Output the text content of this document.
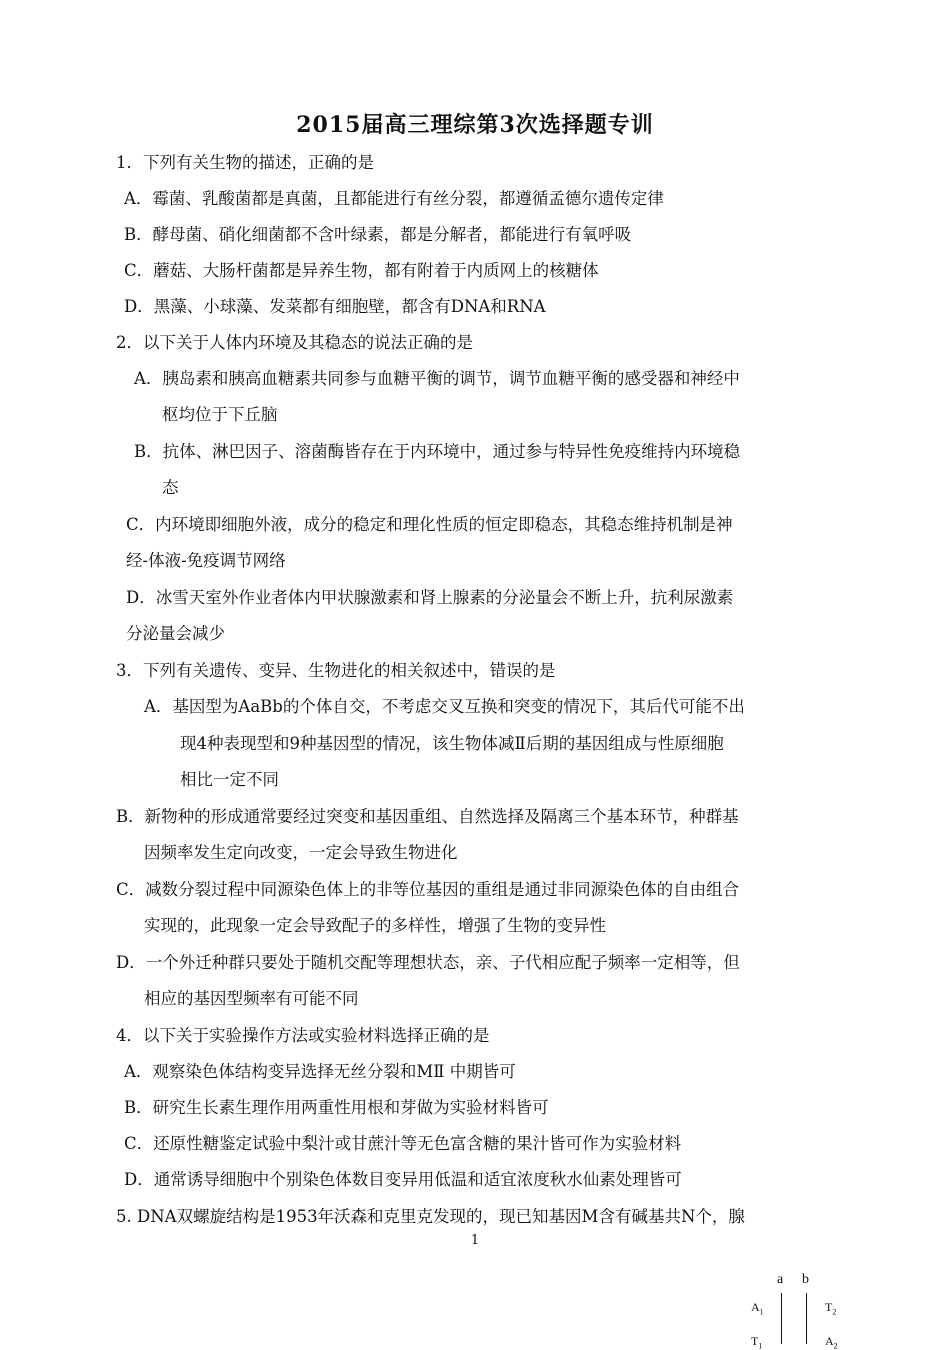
2015届高三理综第3次选择题专训
1．下列有关生物的描述，正确的是
A．霉菌、乳酸菌都是真菌，且都能进行有丝分裂，都遵循孟德尔遗传定律
B．酵母菌、硝化细菌都不含叶绿素，都是分解者，都能进行有氧呼吸
C．蘑菇、大肠杆菌都是异养生物，都有附着于内质网上的核糖体
D．黑藻、小球藻、发菜都有细胞壁，都含有DNA和RNA
2．以下关于人体内环境及其稳态的说法正确的是
A．胰岛素和胰高血糖素共同参与血糖平衡的调节，调节血糖平衡的感受器和神经中
枢均位于下丘脑
B．抗体、淋巴因子、溶菌酶皆存在于内环境中，通过参与特异性免疫维持内环境稳
态
C．内环境即细胞外液，成分的稳定和理化性质的恒定即稳态，其稳态维持机制是神
经-体液-免疫调节网络
D．冰雪天室外作业者体内甲状腺激素和肾上腺素的分泌量会不断上升，抗利尿激素
分泌量会减少
3．下列有关遗传、变异、生物进化的相关叙述中，错误的是
A．基因型为AaBb的个体自交，不考虑交叉互换和突变的情况下，其后代可能不出
现4种表现型和9种基因型的情况，该生物体减Ⅱ后期的基因组成与性原细胞
相比一定不同
B．新物种的形成通常要经过突变和基因重组、自然选择及隔离三个基本环节，种群基
因频率发生定向改变，一定会导致生物进化
C．减数分裂过程中同源染色体上的非等位基因的重组是通过非同源染色体的自由组合
实现的，此现象一定会导致配子的多样性，增强了生物的变异性
D．一个外迁种群只要处于随机交配等理想状态，亲、子代相应配子频率一定相等，但
相应的基因型频率有可能不同
4．以下关于实验操作方法或实验材料选择正确的是
A．观察染色体结构变异选择无丝分裂和MⅡ 中期皆可
B．研究生长素生理作用两重性用根和芽做为实验材料皆可
C．还原性糖鉴定试验中梨汁或甘蔗汁等无色富含糖的果汁皆可作为实验材料
D．通常诱导细胞中个别染色体数目变异用低温和适宜浓度秋水仙素处理皆可
5. DNA双螺旋结构是1953年沃森和克里克发现的，现已知基因M含有碱基共N个，腺
1
a b
$A_1$	$T_2$
$T_1$	$A_2$
